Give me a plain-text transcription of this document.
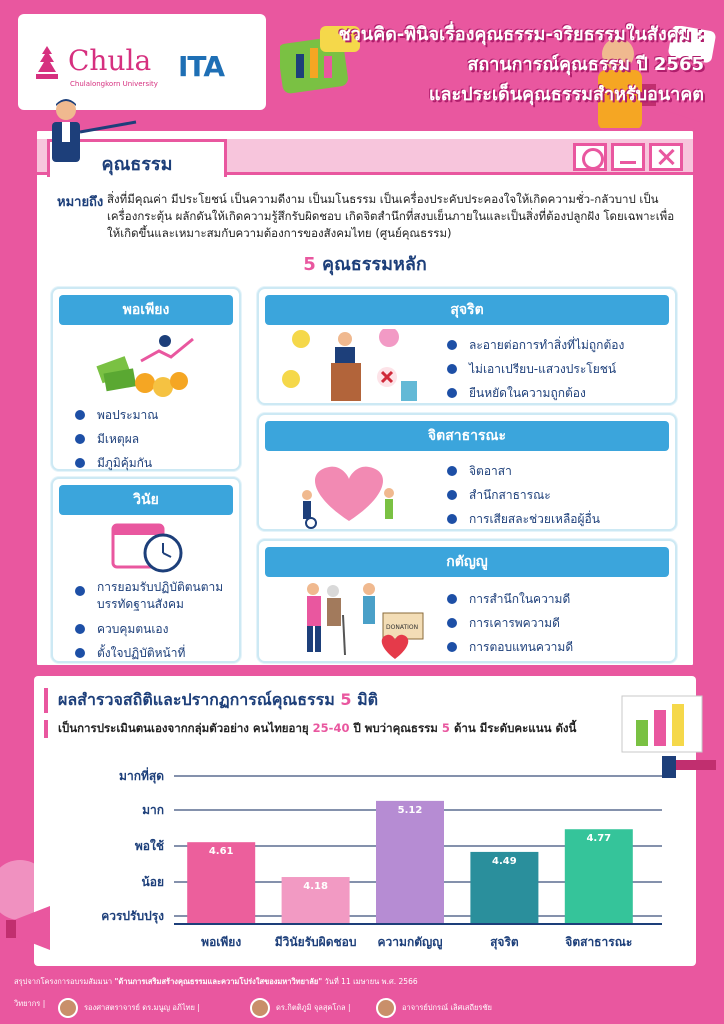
Chula
Chulalongkorn University
ITA
ชวนคิด-พินิจเรื่องคุณธรรม-จริยธรรมในสังคม :
สถานการณ์คุณธรรม ปี 2565
และประเด็นคุณธรรมสำหรับอนาคต
คุณธรรม
หมายถึง สิ่งที่มีคุณค่า มีประโยชน์ เป็นความดีงาม เป็นมโนธรรม เป็นเครื่องประคับประคองใจให้เกิดความชั่ว-กลัวบาป เป็นเครื่องกระตุ้น ผลักดันให้เกิดความรู้สึกรับผิดชอบ เกิดจิตสำนึกที่สงบเย็นภายในและเป็นสิ่งที่ต้องปลูกฝัง โดยเฉพาะเพื่อให้เกิดขึ้นและเหมาะสมกับความต้องการของสังคมไทย (ศูนย์คุณธรรม)
5 คุณธรรมหลัก
พอเพียง
พอประมาณ
มีเหตุผล
มีภูมิคุ้มกัน
วินัย
การยอมรับปฏิบัติตนตาม บรรทัดฐานสังคม
ควบคุมตนเอง
ตั้งใจปฏิบัติหน้าที่
สุจริต
ละอายต่อการทำสิ่งที่ไม่ถูกต้อง
ไม่เอาเปรียบ-แสวงประโยชน์
ยืนหยัดในความถูกต้อง
จิตสาธารณะ
จิตอาสา
สำนึกสาธารณะ
การเสียสละช่วยเหลือผู้อื่น
กตัญญู
DONATION
การสำนึกในความดี
การเคารพความดี
การตอบแทนความดี
ผลสำรวจสถิติและปรากฏการณ์คุณธรรม 5 มิติ
เป็นการประเมินตนเองจากกลุ่มตัวอย่าง คนไทยอายุ 25-40 ปี พบว่าคุณธรรม 5 ด้าน มีระดับคะแนน ดังนี้
มากที่สุด
มาก
พอใช้
น้อย
ควรปรับปรุง
4.61
พอเพียง
4.18
มีวินัยรับผิดชอบ
5.12
ความกตัญญู
4.49
สุจริต
4.77
จิตสาธารณะ
สรุปจากโครงการอบรมสัมมนา "ด้านการเสริมสร้างคุณธรรมและความโปร่งใสของมหาวิทยาลัย" วันที่ 11 เมษายน พ.ศ. 2566
วิทยากร |	รองศาสตราจารย์ ดร.มนูญ อภิไทย |	ดร.กิตติภูมิ จุลสุคโกล |	อาจารย์ปกรณ์ เลิศเสถียรชัย
